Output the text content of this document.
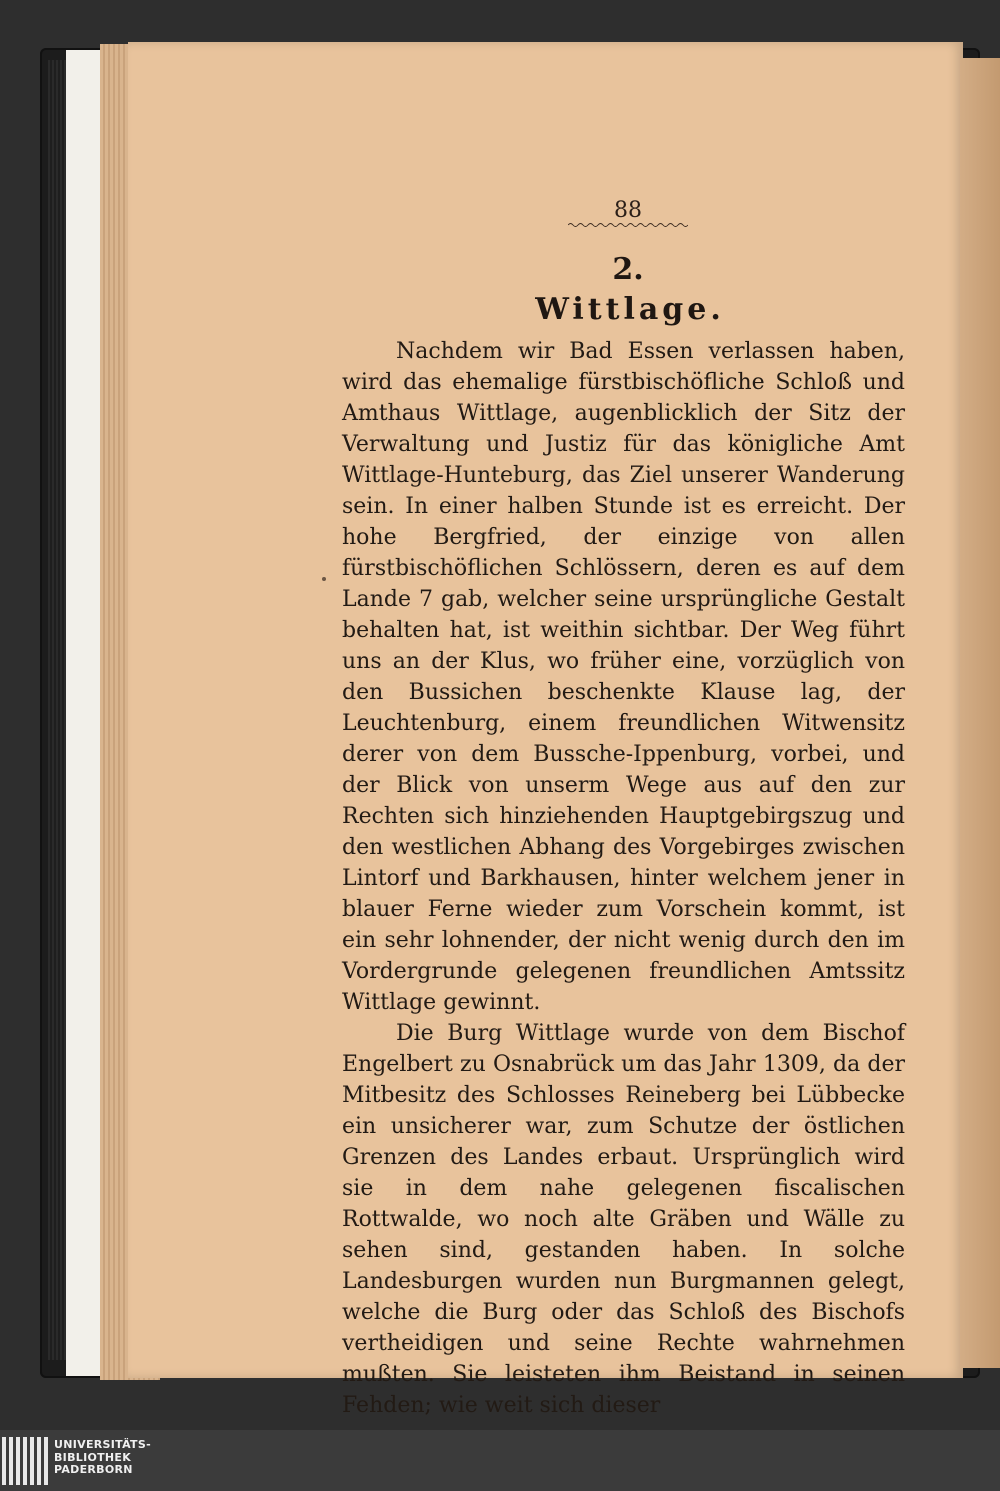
88
2.
Wittlage.

Nachdem wir Bad Essen verlassen haben, wird das ehemalige fürstbischöfliche Schloß und Amthaus Wittlage, augenblicklich der Sitz der Verwaltung und Justiz für das königliche Amt Wittlage-Hunteburg, das Ziel unserer Wanderung sein. In einer halben Stunde ist es erreicht. Der hohe Bergfried, der einzige von allen fürstbischöflichen Schlössern, deren es auf dem Lande 7 gab, welcher seine ursprüngliche Gestalt behalten hat, ist weithin sichtbar. Der Weg führt uns an der Klus, wo früher eine, vorzüglich von den Bussichen beschenkte Klause lag, der Leuchtenburg, einem freundlichen Witwensitz derer von dem Bussche-Ippenburg, vorbei, und der Blick von unserm Wege aus auf den zur Rechten sich hinziehenden Hauptgebirgszug und den westlichen Abhang des Vorgebirges zwischen Lintorf und Barkhausen, hinter welchem jener in blauer Ferne wieder zum Vorschein kommt, ist ein sehr lohnender, der nicht wenig durch den im Vordergrunde gelegenen freundlichen Amtssitz Wittlage gewinnt.

Die Burg Wittlage wurde von dem Bischof Engelbert zu Osnabrück um das Jahr 1309, da der Mitbesitz des Schlosses Reineberg bei Lübbecke ein unsicherer war, zum Schutze der östlichen Grenzen des Landes erbaut. Ursprünglich wird sie in dem nahe gelegenen fiscalischen Rottwalde, wo noch alte Gräben und Wälle zu sehen sind, gestanden haben. In solche Landesburgen wurden nun Burgmannen gelegt, welche die Burg oder das Schloß des Bischofs vertheidigen und seine Rechte wahrnehmen mußten. Sie leisteten ihm Beistand in seinen Fehden; wie weit sich dieser

UNIVERSITÄTS-
BIBLIOTHEK
PADERBORN
